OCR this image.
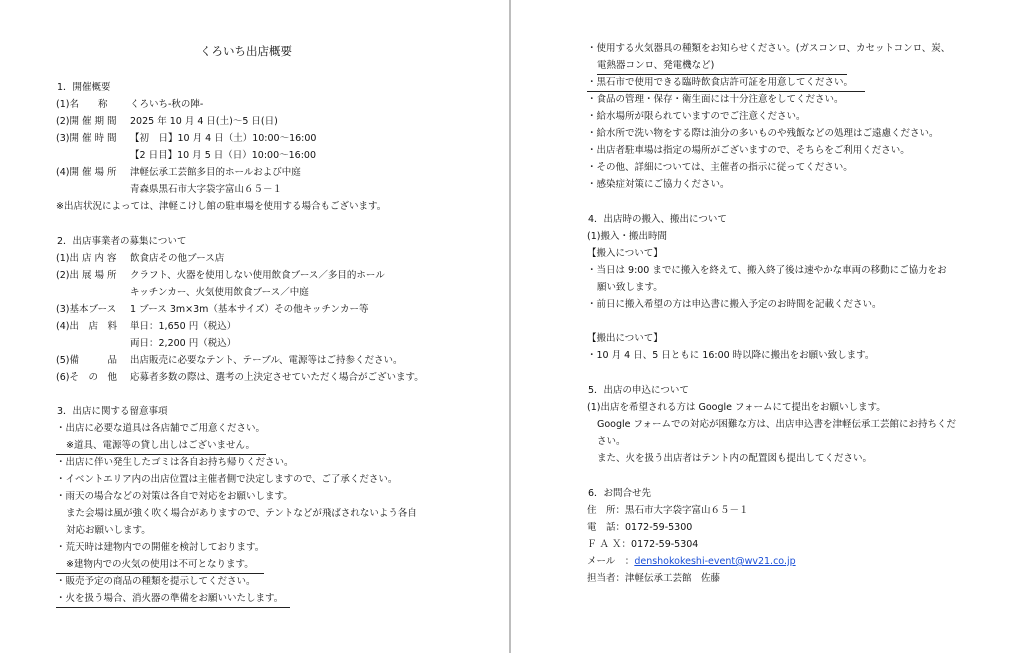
くろいち出店概要
1．開催概要
(1)名　　称 くろいち-秋の陣-
(2)開 催 期 間 2025 年 10 月 4 日(土)～5 日(日)
(3)開 催 時 間 【初　日】10 月 4 日（土）10:00～16:00
【2 日目】10 月 5 日（日）10:00～16:00
(4)開 催 場 所 津軽伝承工芸館多目的ホールおよび中庭
青森県黒石市大字袋字富山６５－１
※出店状況によっては、津軽こけし館の駐車場を使用する場合もございます。
2．出店事業者の募集について
(1)出 店 内 容 飲食店その他ブース店
(2)出 展 場 所 クラフト、火器を使用しない使用飲食ブース／多目的ホール
キッチンカー、火気使用飲食ブース／中庭
(3)基本ブース 1 ブース 3m×3m（基本サイズ）その他キッチンカー等
(4)出　店　料 単日：1,650 円（税込）
両日：2,200 円（税込）
(5)備　　　品 出店販売に必要なテント、テーブル、電源等はご持参ください。
(6)そ　の　他 応募者多数の際は、選考の上決定させていただく場合がございます。
3．出店に関する留意事項
・出店に必要な道具は各店舗でご用意ください。
※道具、電源等の貸し出しはございません。
・出店に伴い発生したゴミは各自お持ち帰りください。
・イベントエリア内の出店位置は主催者側で決定しますので、ご了承ください。
・雨天の場合などの対策は各自で対応をお願いします。
また会場は風が強く吹く場合がありますので、テントなどが飛ばされないよう各自
対応お願いします。
・荒天時は建物内での開催を検討しております。
※建物内での火気の使用は不可となります。
・販売予定の商品の種類を提示してください。
・火を扱う場合、消火器の準備をお願いいたします。
・使用する火気器具の種類をお知らせください。(ガスコンロ、カセットコンロ、炭、
電熱器コンロ、発電機など)
・黒石市で使用できる臨時飲食店許可証を用意してください。
・食品の管理・保存・衛生面には十分注意をしてください。
・給水場所が限られていますのでご注意ください。
・給水所で洗い物をする際は油分の多いものや残飯などの処理はご遠慮ください。
・出店者駐車場は指定の場所がございますので、そちらをご利用ください。
・その他、詳細については、主催者の指示に従ってください。
・感染症対策にご協力ください。
4．出店時の搬入、搬出について
(1)搬入・搬出時間
【搬入について】
・当日は 9:00 までに搬入を終えて、搬入終了後は速やかな車両の移動にご協力をお
願い致します。
・前日に搬入希望の方は申込書に搬入予定のお時間を記載ください。
【搬出について】
・10 月 4 日、5 日ともに 16:00 時以降に搬出をお願い致します。
5．出店の申込について
(1)出店を希望される方は Google フォームにて提出をお願いします。
Google フォームでの対応が困難な方は、出店申込書を津軽伝承工芸館にお持ちくだ
さい。
また、火を扱う出店者はテント内の配置図も提出してください。
6．お問合せ先
住　所：黒石市大字袋字富山６５－１
電　話：0172-59-5300
Ｆ Ａ Ｘ：0172-59-5304
メール　：denshokokeshi-event@wv21.co.jp
担当者：津軽伝承工芸館　佐藤
